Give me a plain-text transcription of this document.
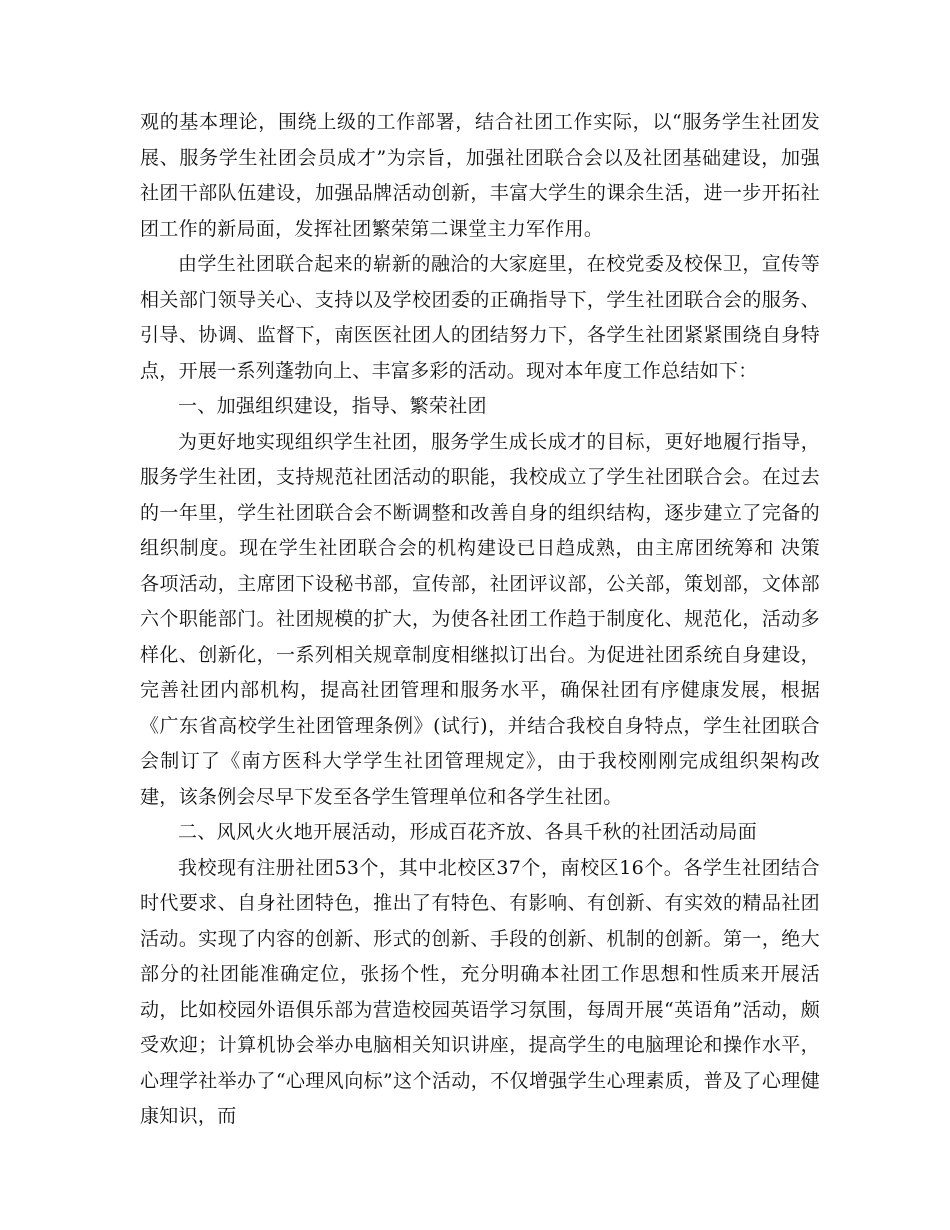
观的基本理论，围绕上级的工作部署，结合社团工作实际，以“服务学生社团发展、服务学生社团会员成才”为宗旨，加强社团联合会以及社团基础建设，加强社团干部队伍建设，加强品牌活动创新，丰富大学生的课余生活，进一步开拓社团工作的新局面，发挥社团繁荣第二课堂主力军作用。

由学生社团联合起来的崭新的融洽的大家庭里，在校党委及校保卫，宣传等相关部门领导关心、支持以及学校团委的正确指导下，学生社团联合会的服务、引导、协调、监督下，南医医社团人的团结努力下，各学生社团紧紧围绕自身特点，开展一系列蓬勃向上、丰富多彩的活动。现对本年度工作总结如下：

一、加强组织建设，指导、繁荣社团

为更好地实现组织学生社团，服务学生成长成才的目标，更好地履行指导，服务学生社团，支持规范社团活动的职能，我校成立了学生社团联合会。在过去的一年里，学生社团联合会不断调整和改善自身的组织结构，逐步建立了完备的组织制度。现在学生社团联合会的机构建设已日趋成熟，由主席团统筹和 决策各项活动，主席团下设秘书部，宣传部，社团评议部，公关部，策划部，文体部六个职能部门。社团规模的扩大，为使各社团工作趋于制度化、规范化，活动多样化、创新化，一系列相关规章制度相继拟订出台。为促进社团系统自身建设，完善社团内部机构，提高社团管理和服务水平，确保社团有序健康发展，根据 《广东省高校学生社团管理条例》(试行)，并结合我校自身特点，学生社团联合会制订了《南方医科大学学生社团管理规定》，由于我校刚刚完成组织架构改建，该条例会尽早下发至各学生管理单位和各学生社团。

二、风风火火地开展活动，形成百花齐放、各具千秋的社团活动局面

我校现有注册社团53个，其中北校区37个，南校区16个。各学生社团结合时代要求、自身社团特色，推出了有特色、有影响、有创新、有实效的精品社团活动。实现了内容的创新、形式的创新、手段的创新、机制的创新。第一，绝大部分的社团能准确定位，张扬个性，充分明确本社团工作思想和性质来开展活动，比如校园外语俱乐部为营造校园英语学习氛围，每周开展“英语角”活动，颇受欢迎；计算机协会举办电脑相关知识讲座，提高学生的电脑理论和操作水平，心理学社举办了“心理风向标”这个活动，不仅增强学生心理素质，普及了心理健康知识，而
